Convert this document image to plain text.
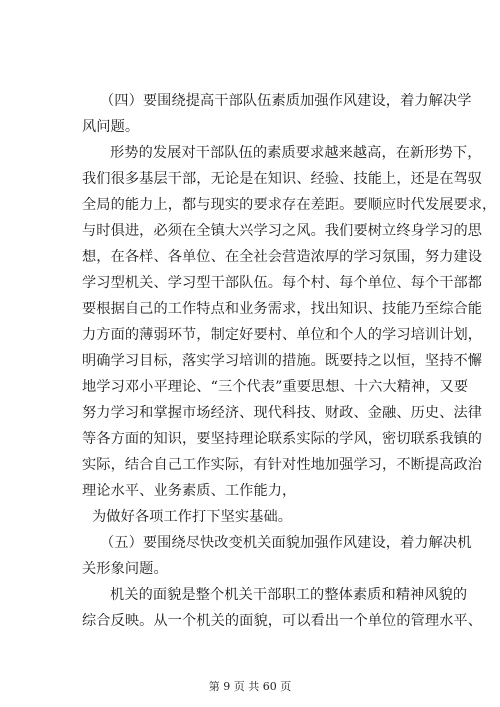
（四）要围绕提高干部队伍素质加强作风建设，着力解决学
风问题。
形势的发展对干部队伍的素质要求越来越高，在新形势下，
我们很多基层干部，无论是在知识、经验、技能上，还是在驾驭
全局的能力上，都与现实的要求存在差距。要顺应时代发展要求，
与时俱进，必须在全镇大兴学习之风。我们要树立终身学习的思
想，在各样、各单位、在全社会营造浓厚的学习氛围，努力建设
学习型机关、学习型干部队伍。每个村、每个单位、每个干部都
要根据自己的工作特点和业务需求，找出知识、技能乃至综合能
力方面的薄弱环节，制定好要村、单位和个人的学习培训计划，
明确学习目标，落实学习培训的措施。既要持之以恒，坚持不懈
地学习邓小平理论、“三个代表”重要思想、十六大精神，又要
努力学习和掌握市场经济、现代科技、财政、金融、历史、法律
等各方面的知识，要坚持理论联系实际的学风，密切联系我镇的
实际，结合自己工作实际，有针对性地加强学习，不断提高政治
理论水平、业务素质、工作能力，
为做好各项工作打下坚实基础。
（五）要围绕尽快改变机关面貌加强作风建设，着力解决机
关形象问题。
机关的面貌是整个机关干部职工的整体素质和精神风貌的
综合反映。从一个机关的面貌，可以看出一个单位的管理水平、
第 9 页 共 60 页
